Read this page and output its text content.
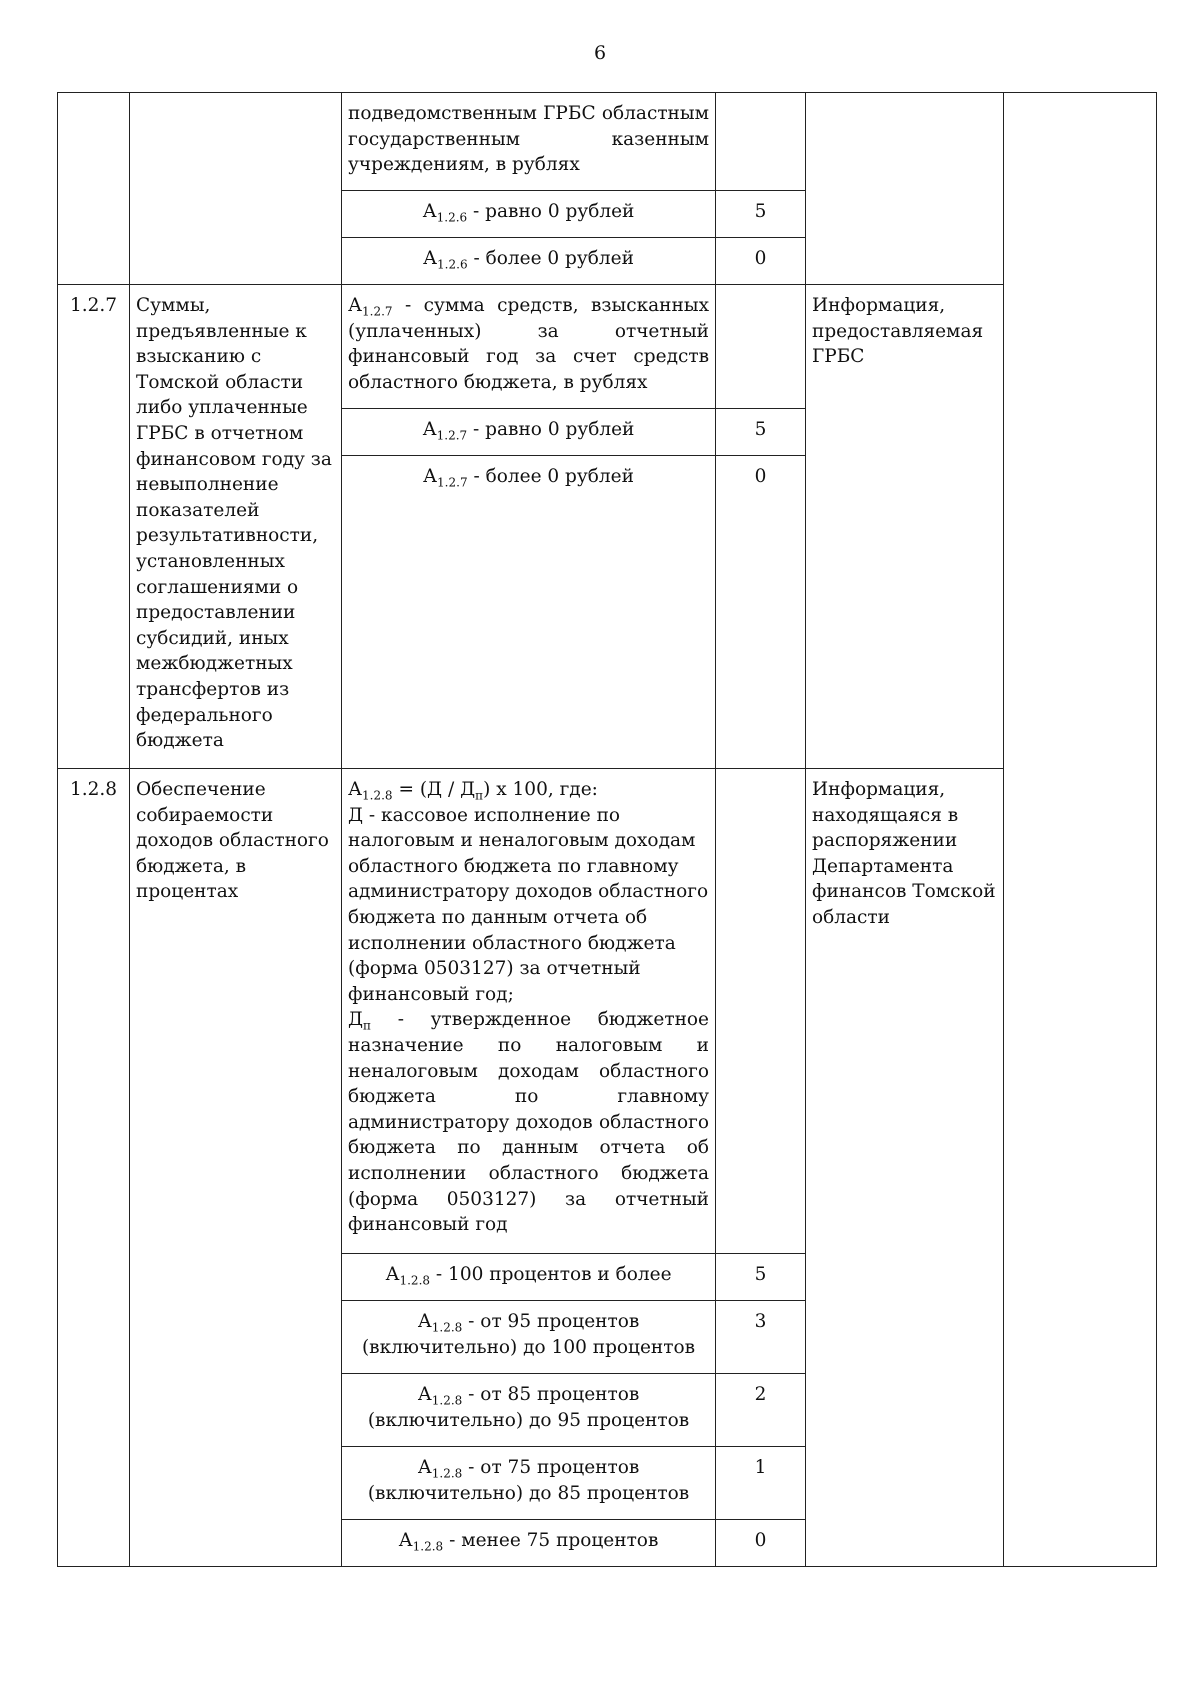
6
		подведомственным ГРБС областным государственным казенным учреждениям, в рублях			
		$А_{1.2.6}$ - равно 0 рублей	5		
		$А_{1.2.6}$ - более 0 рублей	0		
1.2.7	Суммы, предъявленные к взысканию с Томской области либо уплаченные ГРБС в отчетном финансовом году за невыполнение показателей результативности, установленных соглашениями о предоставлении субсидий, иных межбюджетных трансфертов из федерального бюджета	$А_{1.2.7}$ - сумма средств, взысканных (уплаченных) за отчетный финансовый год за счет средств областного бюджета, в рублях		Информация, предоставляемая ГРБС	
		$А_{1.2.7}$ - равно 0 рублей	5		
		$А_{1.2.7}$ - более 0 рублей	0		
1.2.8	Обеспечение собираемости доходов областного бюджета, в процентах	$А_{1.2.8} = (Д / Д_п)$ х 100, где:
Д - кассовое исполнение по налоговым и неналоговым доходам областного бюджета по главному администратору доходов областного бюджета по данным отчета об исполнении областного бюджета (форма 0503127) за отчетный финансовый год;
$Д_п$ - утвержденное бюджетное назначение по налоговым и неналоговым доходам областного бюджета по главному администратору доходов областного бюджета по данным отчета об исполнении областного бюджета (форма 0503127) за отчетный финансовый год		Информация, находящаяся в распоряжении Департамента финансов Томской области	
		$А_{1.2.8} - 100$ процентов и более	5		
		$А_{1.2.8}$ - от 95 процентов (включительно) до 100 процентов	3		
		$А_{1.2.8}$ - от 85 процентов (включительно) до 95 процентов	2		
		$А_{1.2.8}$ - от 75 процентов (включительно) до 85 процентов	1		
		$А_{1.2.8}$ - менее 75 процентов	0		
